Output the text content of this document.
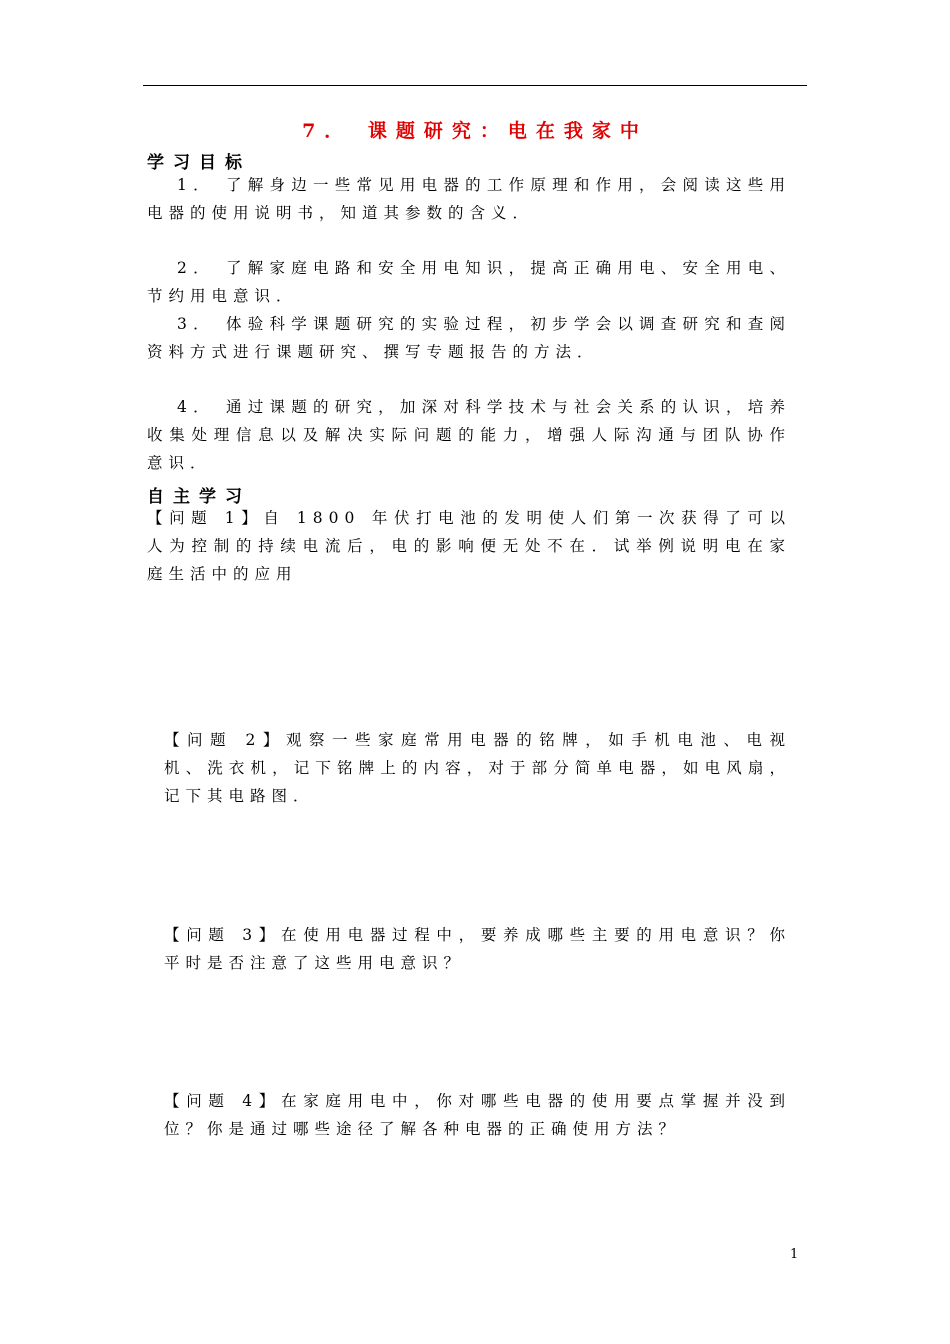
7． 课题研究：电在我家中
学习目标

1． 了解身边一些常见用电器的工作原理和作用，会阅读这些用电器的使用说明书，知道其参数的含义．

2． 了解家庭电路和安全用电知识，提高正确用电、安全用电、节约用电意识．

3． 体验科学课题研究的实验过程，初步学会以调查研究和查阅资料方式进行课题研究、撰写专题报告的方法．

4． 通过课题的研究，加深对科学技术与社会关系的认识，培养收集处理信息以及解决实际问题的能力，增强人际沟通与团队协作意识．

自主学习

【问题 1】自 1800 年伏打电池的发明使人们第一次获得了可以人为控制的持续电流后，电的影响便无处不在．试举例说明电在家庭生活中的应用

【问题 2】观察一些家庭常用电器的铭牌，如手机电池、电视机、洗衣机，记下铭牌上的内容，对于部分简单电器，如电风扇，记下其电路图．

【问题 3】在使用电器过程中，要养成哪些主要的用电意识？你平时是否注意了这些用电意识？

【问题 4】在家庭用电中，你对哪些电器的使用要点掌握并没到位？你是通过哪些途径了解各种电器的正确使用方法？

1
